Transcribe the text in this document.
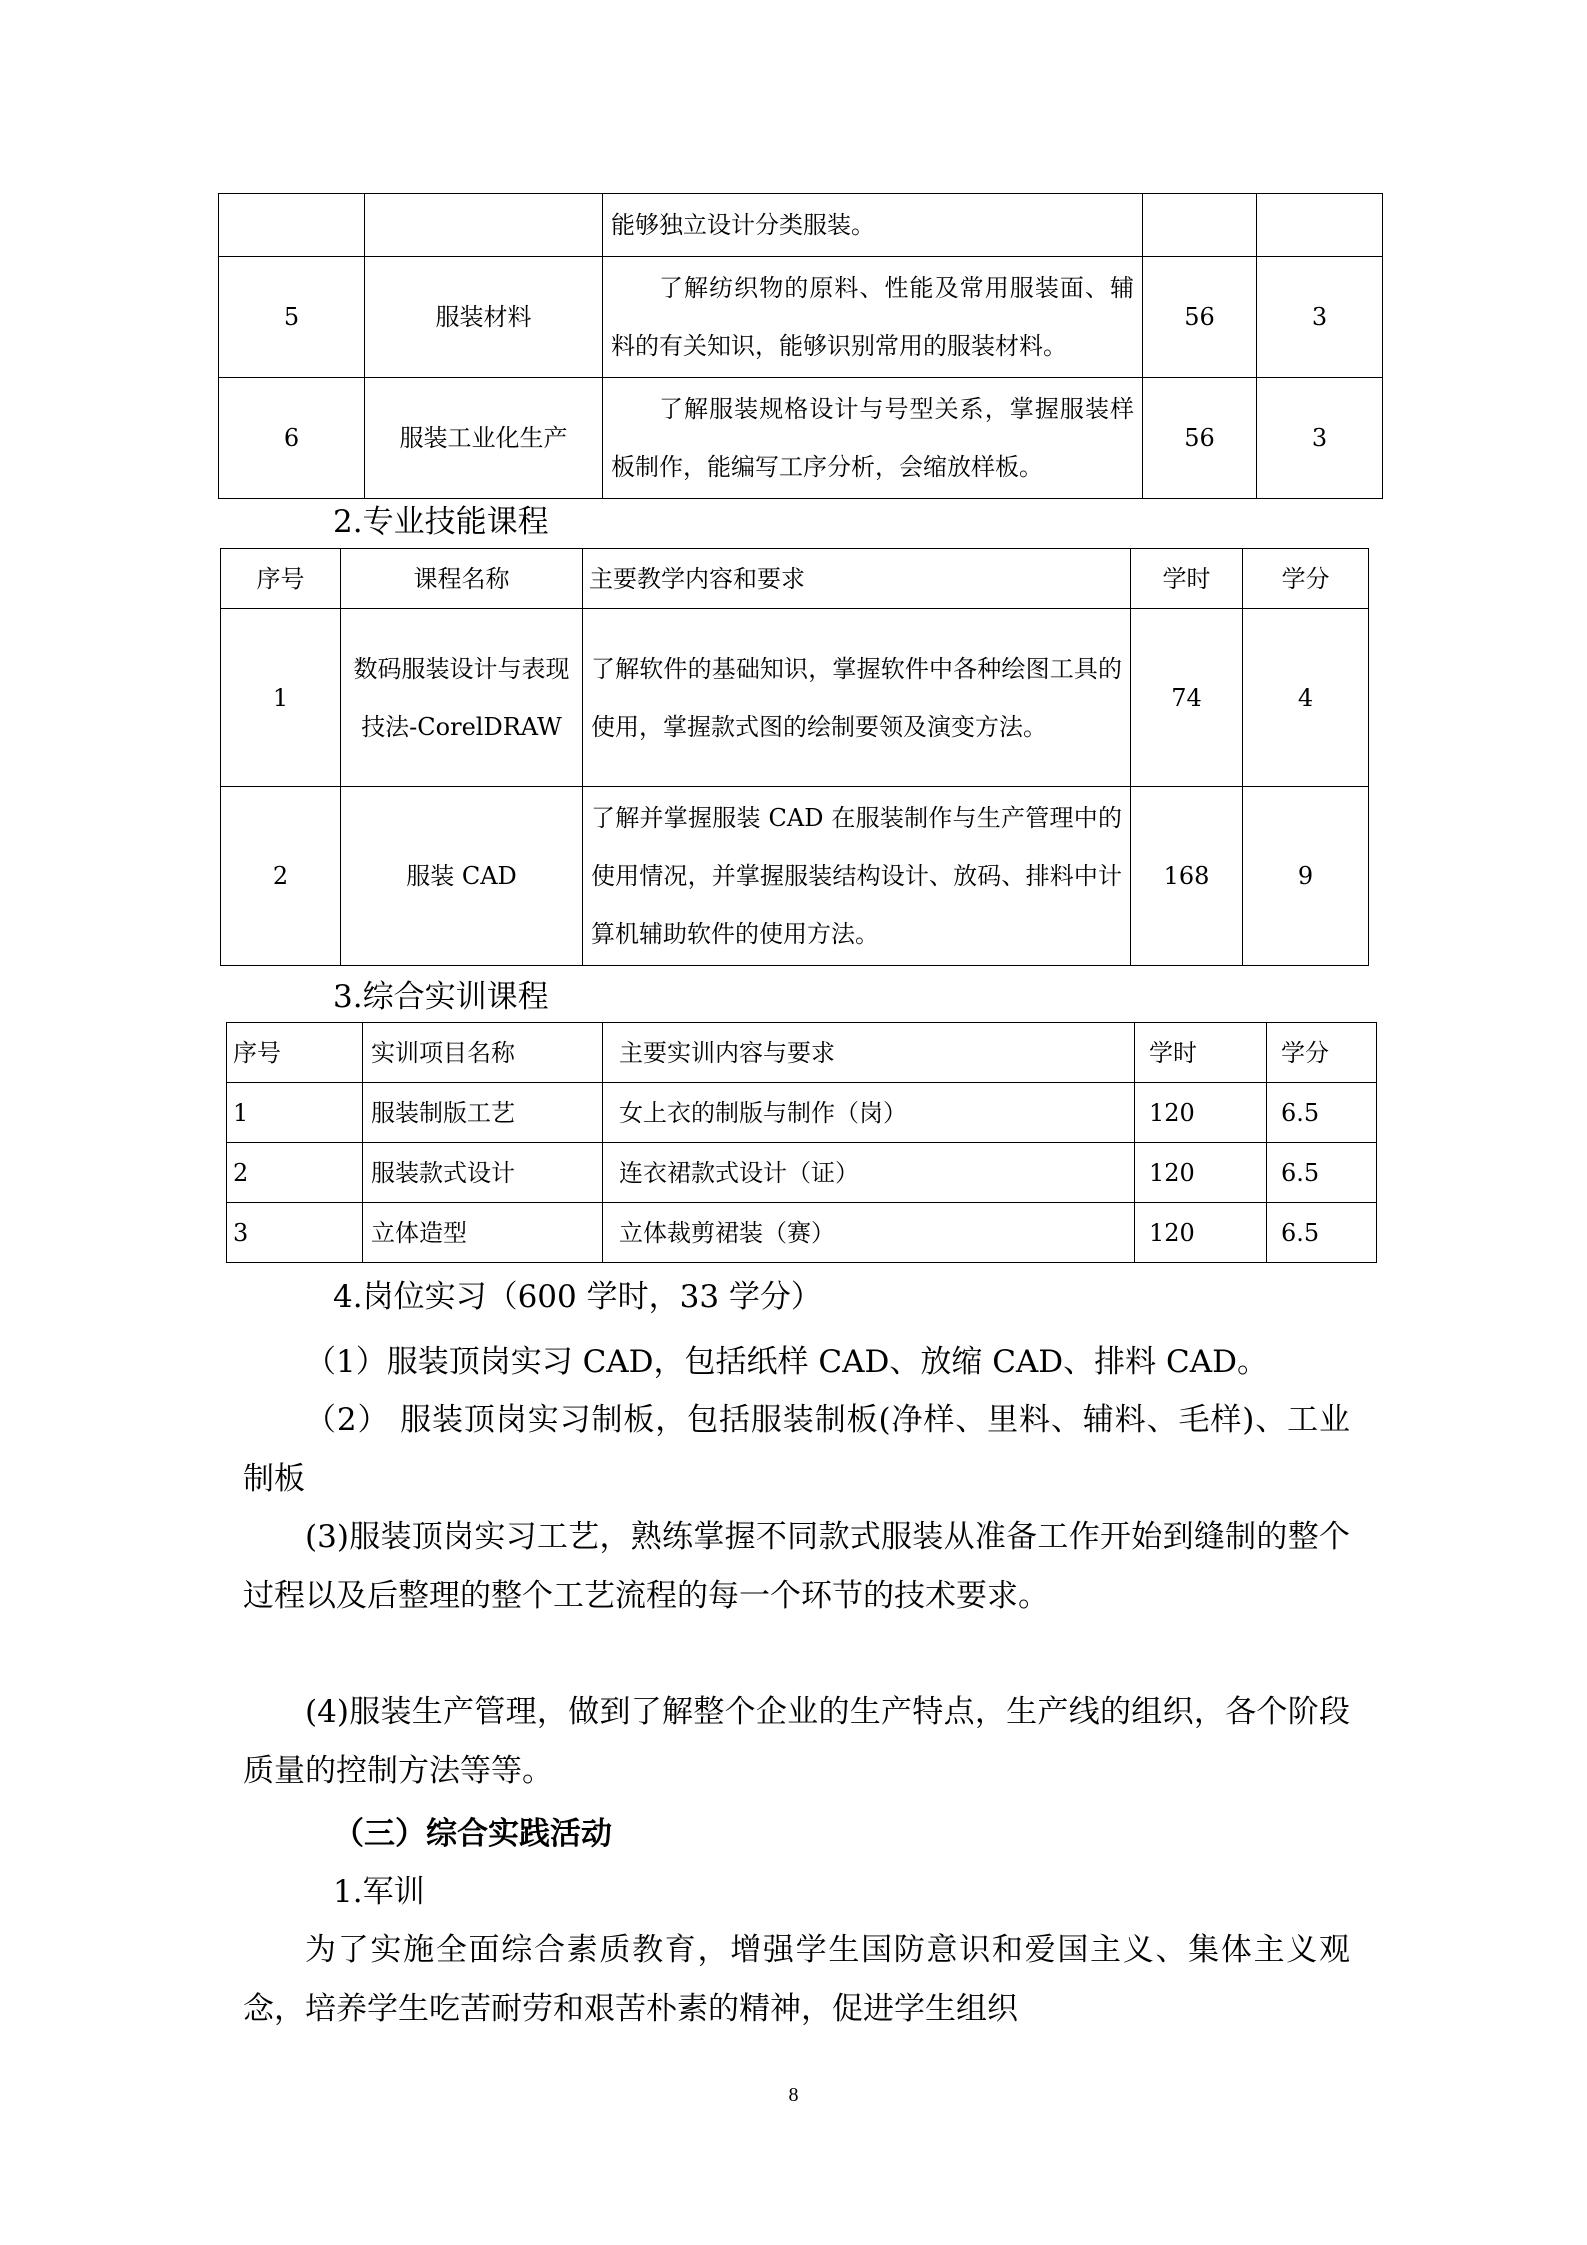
		能够独立设计分类服装。		
5	服装材料	了解纺织物的原料、性能及常用服装面、辅料的有关知识，能够识别常用的服装材料。	56	3
6	服装工业化生产	了解服装规格设计与号型关系，掌握服装样板制作，能编写工序分析，会缩放样板。	56	3
2.专业技能课程
序号	课程名称	主要教学内容和要求	学时	学分
1	数码服装设计与表现技法-CorelDRAW	了解软件的基础知识，掌握软件中各种绘图工具的使用，掌握款式图的绘制要领及演变方法。	74	4
2	服装 CAD	了解并掌握服装 CAD 在服装制作与生产管理中的使用情况，并掌握服装结构设计、放码、排料中计算机辅助软件的使用方法。	168	9
3.综合实训课程
序号	实训项目名称	主要实训内容与要求	学时	学分
1	服装制版工艺	女上衣的制版与制作（岗）	120	6.5
2	服装款式设计	连衣裙款式设计（证）	120	6.5
3	立体造型	立体裁剪裙装（赛）	120	6.5
4.岗位实习（600 学时，33 学分）

（1）服装顶岗实习 CAD，包括纸样 CAD、放缩 CAD、排料 CAD。

（2） 服装顶岗实习制板，包括服装制板(净样、里料、辅料、毛样)、工业制板

(3)服装顶岗实习工艺，熟练掌握不同款式服装从准备工作开始到缝制的整个过程以及后整理的整个工艺流程的每一个环节的技术要求。

(4)服装生产管理，做到了解整个企业的生产特点，生产线的组织，各个阶段质量的控制方法等等。

（三）综合实践活动
1.军训

为了实施全面综合素质教育，增强学生国防意识和爱国主义、集体主义观念，培养学生吃苦耐劳和艰苦朴素的精神，促进学生组织

8
